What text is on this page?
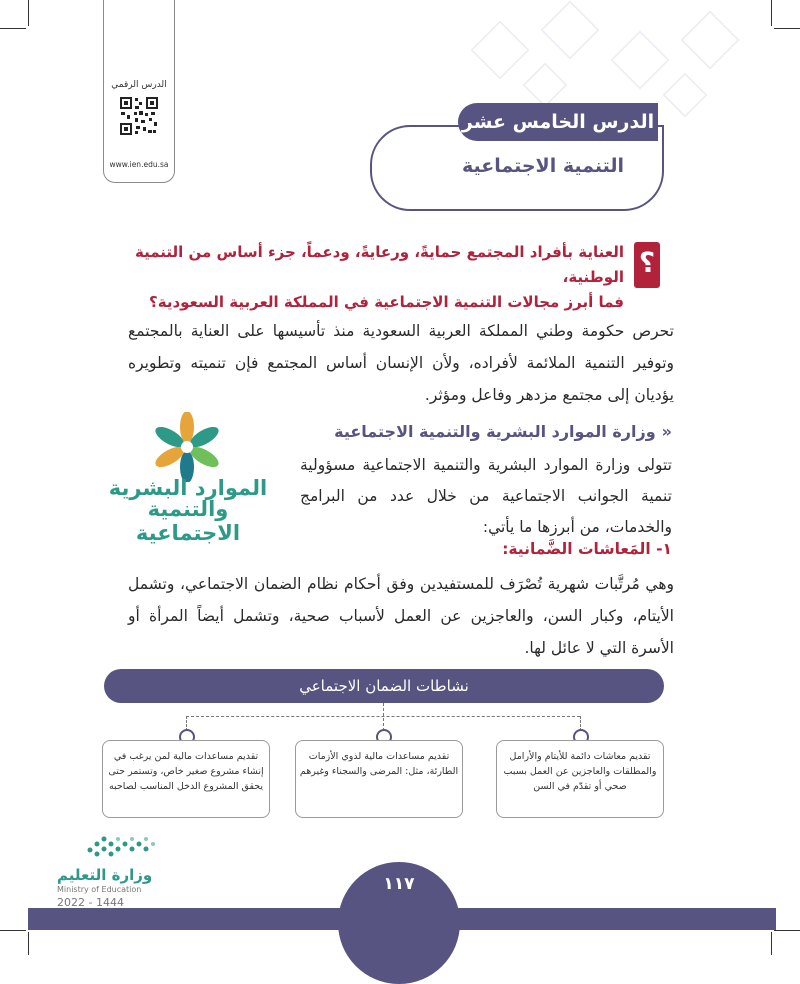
الدرس الرقمي
www.ien.edu.sa	التنمية الاجتماعية
الدرس الخامس عشر
؟
العناية بأفراد المجتمع حمايةً، ورعايةً، ودعماً، جزء أساس من التنمية الوطنية،
فما أبرز مجالات التنمية الاجتماعية في المملكة العربية السعودية؟
تحرص حكومة وطني المملكة العربية السعودية منذ تأسيسها على العناية بالمجتمع وتوفير التنمية الملائمة لأفراده، ولأن الإنسان أساس المجتمع فإن تنميته وتطويره يؤديان إلى مجتمع مزدهر وفاعل ومؤثر.
«وزارة الموارد البشرية والتنمية الاجتماعية
الموارد البشرية
والتنمية الاجتماعية
تتولى وزارة الموارد البشرية والتنمية الاجتماعية مسؤولية تنمية الجوانب الاجتماعية من خلال عدد من البرامج والخدمات، من أبرزها ما يأتي:
١- المَعاشات الضَّمانية:
وهي مُرتَّبات شهرية تُصْرَف للمستفيدين وفق أحكام نظام الضمان الاجتماعي، وتشمل الأيتام، وكبار السن، والعاجزين عن العمل لأسباب صحية، وتشمل أيضاً المرأة أو الأسرة التي لا عائل لها.
نشاطات الضمان الاجتماعي
تقديم معاشات دائمة للأيتام والأرامل والمطلقات والعاجزين عن العمل بسبب صحي أو تقدّم في السن
تقديم مساعدات مالية لذوي الأزمات الطارئة، مثل: المرضى والسجناء وغيرهم
تقديم مساعدات مالية لمن يرغب في إنشاء مشروع صغير خاص، وتستمر حتى يحقق المشروع الدخل المناسب لصاحبه
١١٧
وزارة التعليم
Ministry of Education
2022 - 1444
